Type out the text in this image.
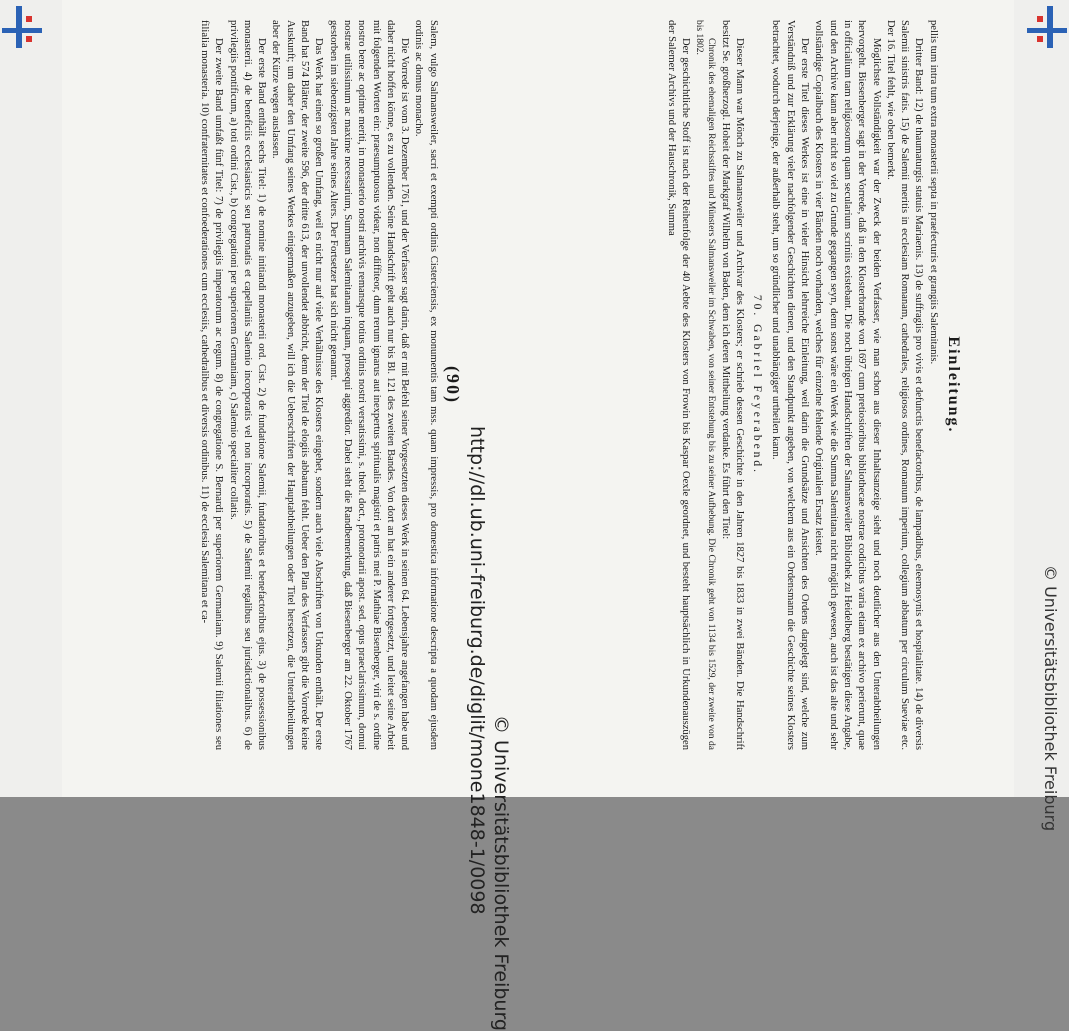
(90)

Salem, vulgo Salmansweiler, sacri et exempti ordinis Cisterciensis, ex monumentis tam mss. quam impressis, pro domestica informatione descripta a quodam ejusdem ordinis ac domus monacho.

Die Vorrede ist vom 3. Dezember 1761, und der Verfasser sagt darin, daß er mit Befehl seiner Vorgesetzten dieses Werk in seinen 64. Lebensjahre angefangen habe und daher nicht hoffen könne, es zu vollenden. Seine Handschrift geht auch nur bis Bl. 121 des zweiten Bandes. Von dort an hat ein anderer fortgesetzt, und leitet seine Arbeit mit folgenden Worten ein: praesumptuosus videar, non diffiteor, dum rerum ignarus aut inexpertus spiritualis magistri et patris mei P. Mathiae Bisenberger, viri de s. ordine nostro bene ac optime meriti, in monasterio nostri archivis remansque totius ordinis nostri versatissimi, s. theol. doct., protonotarii apost. sed. opus praeclarissimum, domui nostrae utilissimum ac maxime necessarium, Summam Salemitanam inquam, prosequi aggredior. Dabei steht die Randbemerkung, daß Biesenberger am 22. Oktober 1767 gestorben im siebenzigsten Jahre seines Alters. Der Fortsetzer hat sich nicht genannt.

Das Werk hat einen so großen Umfang, weil es nicht nur auf viele Verhältnisse des Klosters eingehet, sondern auch viele Abschriften von Urkunden enthält. Der erste Band hat 574 Blätter, der zweite 596, der dritte 613, der unvollendet abbricht, denn der Titel de elogiis abbatum fehlt. Ueber den Plan des Verfassers gibt die Vorrede keine Auskunft; um daher den Umfang seines Werkes einigermaßen anzugeben, will ich die Ueberschriften der Hauptabtheilungen oder Titel hersetzen, die Unterabtheilungen aber der Kürze wegen auslassen.

Der erste Band enthält sechs Titel: 1) de nomine initiandi monasterii ord. Cist. 2) de fundatione Salemii, fundatoribus et benefactoribus ejus. 3) de possessionibus monasterii. 4) de beneficiis ecclesiasticis seu patronatis et capellaniis Salemio incorporatis vel non incorporatis. 5) de Salemii regalibus seu jurisdictionalibus. 6) de privilegiis pontificum, a) toti ordini Cist., b) congregationi per superiorem Germaniam, c) Salemio specialiter collatis.

Der zweite Band umfaßt fünf Titel: 7) de privilegiis imperatorum ac regum. 8) de congregatione S. Bernardi per superiorem Germaniam. 9) Salemii filiationes seu filialia monasteria. 10) confraternitates et confoederationes cum ecclesiis, cathedralibus et diversis ordinibus. 11) de ecclesia Salemitana et ca-	Einleitung.

pellis tum intra tum extra monasterii septa in praefecturis et grangiis Salemitanis.

Dritter Band: 12) de thaumaturgis statuis Mariaenis. 13) de suffragiis pro vivis et defunctis benefactoribus, de lampadibus, eleemosynis et hospitalitate. 14) de diversis Salemii sinistris fatis. 15) de Salemii meritis in ecclesiam Romanam, cathedrales, religiosos ordines, Romanum imperium, collegium abbatum per circulum Sueviae etc. Der 16. Titel fehlt, wie oben bemerkt.

Möglichste Vollständigkeit war der Zweck der beiden Verfasser, wie man schon aus dieser Inhaltsanzeige sieht und noch deutlicher aus den Unterabtheilungen hervorgeht. Biesenberger sagt in der Vorrede, daß in den Klosterbrande von 1697 cum pretiosioribus bibliothecae nostrae codicibus varia etiam ex archivo perierunt, quae in officialium tam religiosorum quam secularium scriniis existebant. Die noch übrigen Handschriften der Salmansweiler Bibliothek zu Heidelberg bestätigen diese Angabe, und den Archive kann aber nicht so viel zu Grunde gegangen seyn, denn sonst wäre ein Werk wie die Summa Salemitana nicht möglich gewesen, auch ist das alte und sehr vollständige Copialbuch des Klosters in vier Bänden noch vorhanden, welches für einzelne fehlende Originalien Ersatz leistet.

Der erste Titel dieses Werkes ist eine in vieler Hinsicht lehrreiche Einleitung, weil darin die Grundsätze und Ansichten des Ordens dargelegt sind, welche zum Verständniß und zur Erklärung vieler nachfolgender Geschichten dienen, und den Standpunkt angeben, von welchem aus ein Ordensmann die Geschichte seines Klosters betrachtet, wodurch derjenige, der außerhalb steht, um so gründlicher und unabhängiger urtheilen kann.

70. Gabriel Feyerabend.

Dieser Mann war Mönch zu Salmansweiler und Archivar des Klosters; er schrieb dessen Geschichte in den Jahren 1827 bis 1833 in zwei Bänden. Die Handschrift besitzt Se. großherzogl. Hoheit der Markgraf Wilhelm von Baden, dem ich deren Mittheilung verdanke. Es führt den Titel:

Chronik des ehemaligen Reichsstiftes und Münsters Salmansweiler im Schwaben, von seiner Entstehung bis zu seiner Aufhebung. Die Chronik geht von 1134 bis 1529, der zweite von da bis 1802.

Der geschichtliche Stoff ist nach der Reihenfolge der 40 Aebte des Klosters von Frowin bis Kaspar Oexle geordnet, und besteht hauptsächlich in Urkundenauszügen der Salemer Archivs und der Hauschronik, Summa

http://dl.ub.uni-freiburg.de/diglit/mone1848-1/0098 © Universitätsbibliothek Freiburg
© Universitätsbibliothek Freiburg
